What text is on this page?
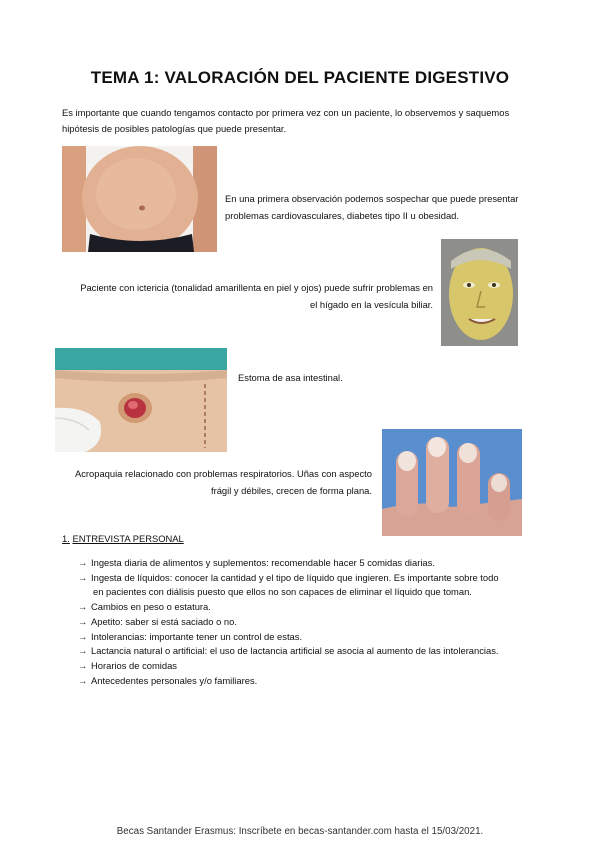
TEMA 1: VALORACIÓN DEL PACIENTE DIGESTIVO
Es importante que cuando tengamos contacto por primera vez con un paciente, lo observemos y saquemos hipótesis de posibles patologías que puede presentar.
En una primera observación podemos sospechar que puede presentar
problemas cardiovasculares, diabetes tipo II u obesidad.
Paciente con ictericia (tonalidad amarillenta en piel y ojos) puede sufrir problemas en
el hígado en la vesícula biliar.
Estoma de asa intestinal.
Acropaquia relacionado con problemas respiratorios. Uñas con aspecto
frágil y débiles, crecen de forma plana.
1. ENTREVISTA PERSONAL
→ Ingesta diaria de alimentos y suplementos: recomendable hacer 5 comidas diarias.
→ Ingesta de líquidos: conocer la cantidad y el tipo de líquido que ingieren. Es importante sobre todo
en pacientes con diálisis puesto que ellos no son capaces de eliminar el líquido que toman.
→ Cambios en peso o estatura.
→ Apetito: saber si está saciado o no.
→ Intolerancias: importante tener un control de estas.
→ Lactancia natural o artificial: el uso de lactancia artificial se asocia al aumento de las intolerancias.
→ Horarios de comidas
→ Antecedentes personales y/o familiares.
Becas Santander Erasmus: Inscríbete en becas-santander.com hasta el 15/03/2021.
